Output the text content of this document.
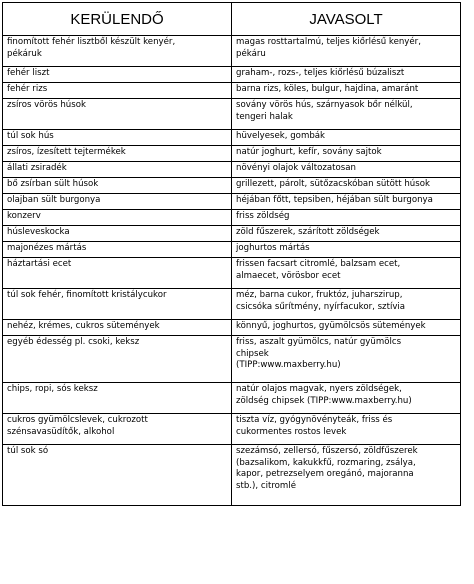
KERÜLENDŐ	JAVASOLT
finomított fehér lisztből készült kenyér,
pékáruk	magas rosttartalmú, teljes kiőrlésű kenyér,
pékáru
fehér liszt	graham-, rozs-, teljes kiőrlésű búzaliszt
fehér rizs	barna rizs, köles, bulgur, hajdina, amaránt
zsíros vörös húsok	sovány vörös hús, szárnyasok bőr nélkül,
tengeri halak
túl sok hús	hüvelyesek, gombák
zsíros, ízesített tejtermékek	natúr joghurt, kefír, sovány sajtok
állati zsiradék	növényi olajok változatosan
bő zsírban sült húsok	grillezett, párolt, sütőzacskóban sütött húsok
olajban sült burgonya	héjában főtt, tepsiben, héjában sült burgonya
konzerv	friss zöldség
húsleveskocka	zöld fűszerek, szárított zöldségek
majonézes mártás	joghurtos mártás
háztartási ecet	frissen facsart citromlé, balzsam ecet,
almaecet, vörösbor ecet
túl sok fehér, finomított kristálycukor	méz, barna cukor, fruktóz, juharszirup,
csicsóka sűrítmény, nyírfacukor, sztívia
nehéz, krémes, cukros sütemények	könnyű, joghurtos, gyümölcsös sütemények
egyéb édesség pl. csoki, keksz	friss, aszalt gyümölcs, natúr gyümölcs
chipsek
(TIPP:www.maxberry.hu)
chips, ropi, sós keksz	natúr olajos magvak, nyers zöldségek,
zöldség chipsek (TIPP:www.maxberry.hu)
cukros gyümölcslevek, cukrozott
szénsavasüdítők, alkohol	tiszta víz, gyógynövényteák, friss és
cukormentes rostos levek
túl sok só	szezámsó, zellersó, fűszersó, zöldfűszerek
(bazsalikom, kakukkfű, rozmaring, zsálya,
kapor, petrezselyem oregánó, majoranna
stb.), citromlé
